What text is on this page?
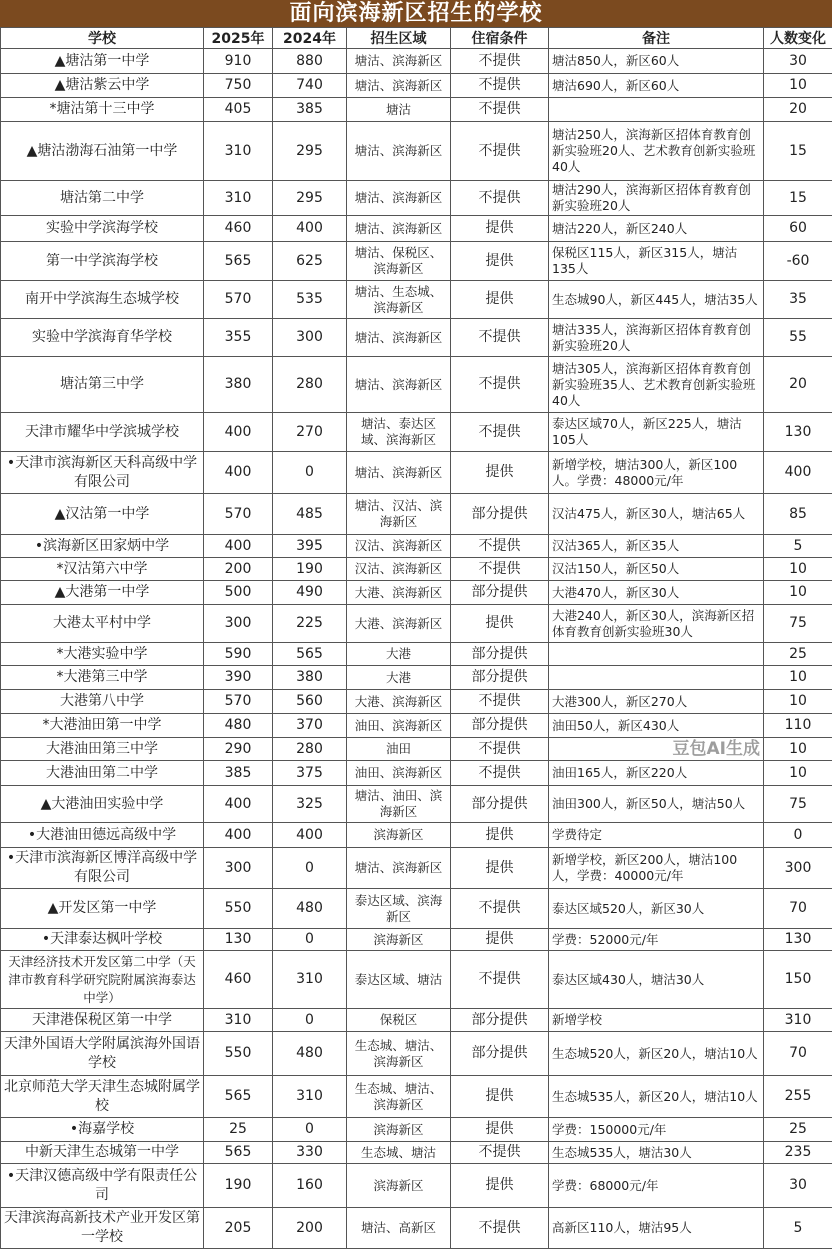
面向滨海新区招生的学校
学校	2025年	2024年	招生区域	住宿条件	备注	人数变化
▲塘沽第一中学	910	880	塘沽、滨海新区	不提供	塘沽850人，新区60人	30
▲塘沽紫云中学	750	740	塘沽、滨海新区	不提供	塘沽690人，新区60人	10
*塘沽第十三中学	405	385	塘沽	不提供		20
▲塘沽渤海石油第一中学	310	295	塘沽、滨海新区	不提供	塘沽250人，滨海新区招体育教育创新实验班20人、艺术教育创新实验班40人	15
塘沽第二中学	310	295	塘沽、滨海新区	不提供	塘沽290人，滨海新区招体育教育创新实验班20人	15
实验中学滨海学校	460	400	塘沽、滨海新区	提供	塘沽220人，新区240人	60
第一中学滨海学校	565	625	塘沽、保税区、滨海新区	提供	保税区115人，新区315人，塘沽135人	-60
南开中学滨海生态城学校	570	535	塘沽、生态城、滨海新区	提供	生态城90人，新区445人，塘沽35人	35
实验中学滨海育华学校	355	300	塘沽、滨海新区	不提供	塘沽335人，滨海新区招体育教育创新实验班20人	55
塘沽第三中学	380	280	塘沽、滨海新区	不提供	塘沽305人，滨海新区招体育教育创新实验班35人、艺术教育创新实验班40人	20
天津市耀华中学滨城学校	400	270	塘沽、泰达区域、滨海新区	不提供	泰达区域70人，新区225人，塘沽105人	130
•天津市滨海新区天科高级中学有限公司	400	0	塘沽、滨海新区	提供	新增学校，塘沽300人，新区100人。学费：48000元/年	400
▲汉沽第一中学	570	485	塘沽、汉沽、滨海新区	部分提供	汉沽475人，新区30人，塘沽65人	85
•滨海新区田家炳中学	400	395	汉沽、滨海新区	不提供	汉沽365人，新区35人	5
*汉沽第六中学	200	190	汉沽、滨海新区	不提供	汉沽150人，新区50人	10
▲大港第一中学	500	490	大港、滨海新区	部分提供	大港470人，新区30人	10
大港太平村中学	300	225	大港、滨海新区	提供	大港240人，新区30人，滨海新区招体育教育创新实验班30人	75
*大港实验中学	590	565	大港	部分提供		25
*大港第三中学	390	380	大港	部分提供		10
大港第八中学	570	560	大港、滨海新区	不提供	大港300人，新区270人	10
*大港油田第一中学	480	370	油田、滨海新区	部分提供	油田50人，新区430人	110
大港油田第三中学	290	280	油田	不提供	豆包AI生成	10
大港油田第二中学	385	375	油田、滨海新区	不提供	油田165人，新区220人	10
▲大港油田实验中学	400	325	塘沽、油田、滨海新区	部分提供	油田300人，新区50人，塘沽50人	75
•大港油田德远高级中学	400	400	滨海新区	提供	学费待定	0
•天津市滨海新区博洋高级中学有限公司	300	0	塘沽、滨海新区	提供	新增学校，新区200人，塘沽100人，学费：40000元/年	300
▲开发区第一中学	550	480	泰达区域、滨海新区	不提供	泰达区域520人，新区30人	70
•天津泰达枫叶学校	130	0	滨海新区	提供	学费：52000元/年	130
天津经济技术开发区第二中学（天津市教育科学研究院附属滨海泰达中学）	460	310	泰达区域、塘沽	不提供	泰达区域430人，塘沽30人	150
天津港保税区第一中学	310	0	保税区	部分提供	新增学校	310
天津外国语大学附属滨海外国语学校	550	480	生态城、塘沽、滨海新区	部分提供	生态城520人，新区20人，塘沽10人	70
北京师范大学天津生态城附属学校	565	310	生态城、塘沽、滨海新区	提供	生态城535人，新区20人，塘沽10人	255
•海嘉学校	25	0	滨海新区	提供	学费：150000元/年	25
中新天津生态城第一中学	565	330	生态城、塘沽	不提供	生态城535人，塘沽30人	235
•天津汉德高级中学有限责任公司	190	160	滨海新区	提供	学费：68000元/年	30
天津滨海高新技术产业开发区第一学校	205	200	塘沽、高新区	不提供	高新区110人，塘沽95人	5
